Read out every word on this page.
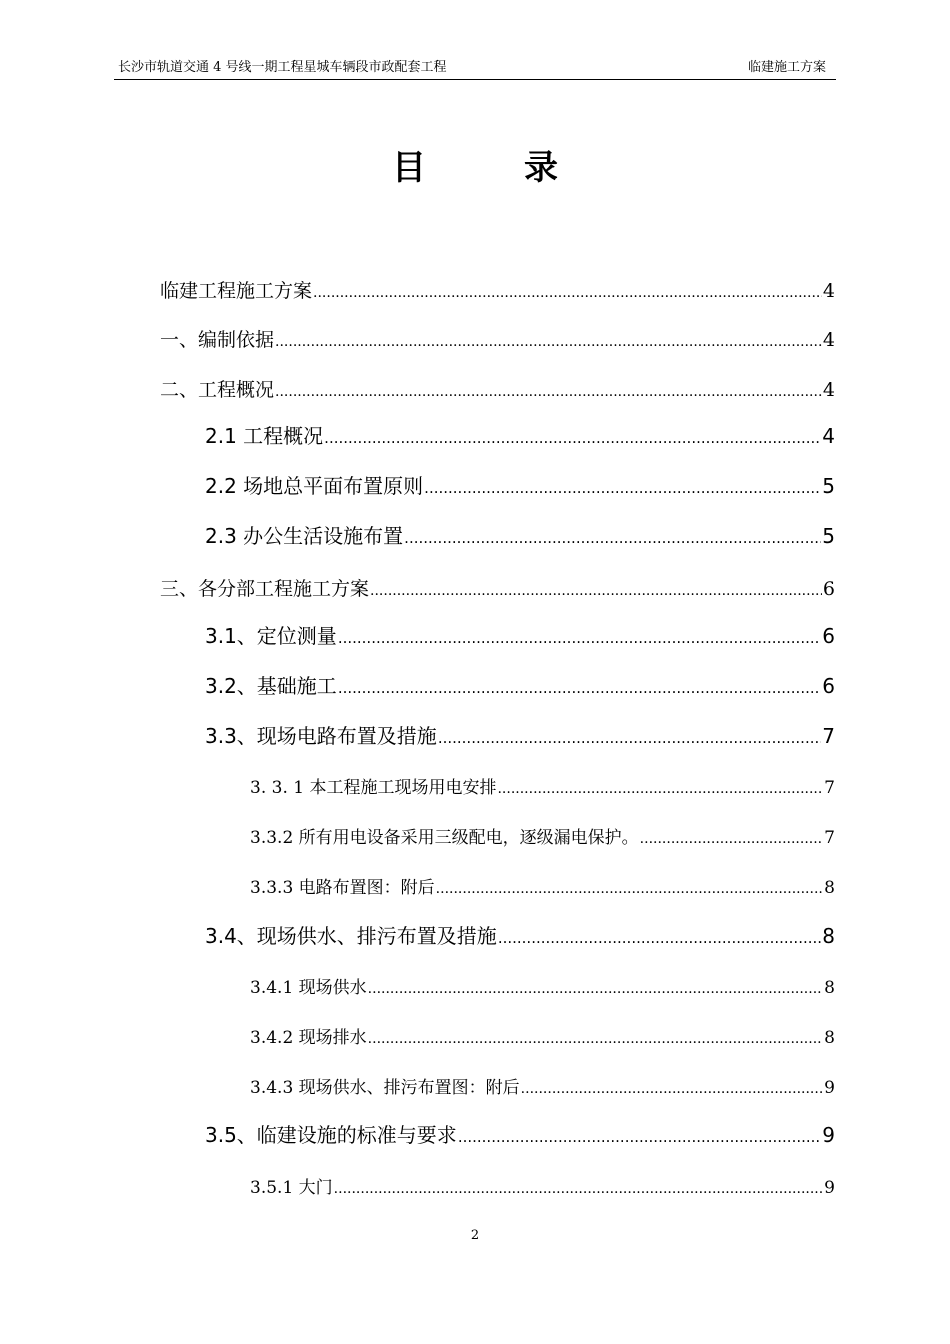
长沙市轨道交通 4 号线一期工程星城车辆段市政配套工程	临建施工方案
目录
临建工程施工方案 .....	4
一、编制依据 .....	4
二、工程概况 .....	4
2.1 工程概况 .....	4
2.2 场地总平面布置原则 .....	5
2.3 办公生活设施布置 .....	5
三、各分部工程施工方案 .....	6
3.1、定位测量 .....	6
3.2、基础施工 .....	6
3.3、现场电路布置及措施 .....	7
3. 3. 1 本工程施工现场用电安排 .....	7
3.3.2 所有用电设备采用三级配电，逐级漏电保护。 .....	7
3.3.3 电路布置图：附后 .....	8
3.4、现场供水、排污布置及措施 .....	8
3.4.1 现场供水 .....	8
3.4.2 现场排水 .....	8
3.4.3 现场供水、排污布置图：附后 .....	9
3.5、临建设施的标准与要求 .....	9
3.5.1 大门 .....	9
2
